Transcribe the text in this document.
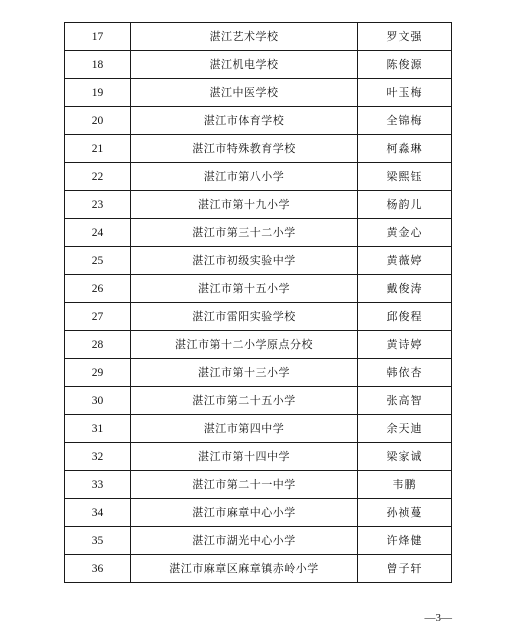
17	湛江艺术学校	罗文强
18	湛江机电学校	陈俊源
19	湛江中医学校	叶玉梅
20	湛江市体育学校	全锦梅
21	湛江市特殊教育学校	柯淼琳
22	湛江市第八小学	梁熙钰
23	湛江市第十九小学	杨韵儿
24	湛江市第三十二小学	黄金心
25	湛江市初级实验中学	黄薇婷
26	湛江市第十五小学	戴俊涛
27	湛江市雷阳实验学校	邱俊程
28	湛江市第十二小学原点分校	黄诗婷
29	湛江市第十三小学	韩依杏
30	湛江市第二十五小学	张高智
31	湛江市第四中学	余天迪
32	湛江市第十四中学	梁家诚
33	湛江市第二十一中学	韦鹏
34	湛江市麻章中心小学	孙祯蔓
35	湛江市湖光中心小学	许烽健
36	湛江市麻章区麻章镇赤岭小学	曾子轩
—3—
